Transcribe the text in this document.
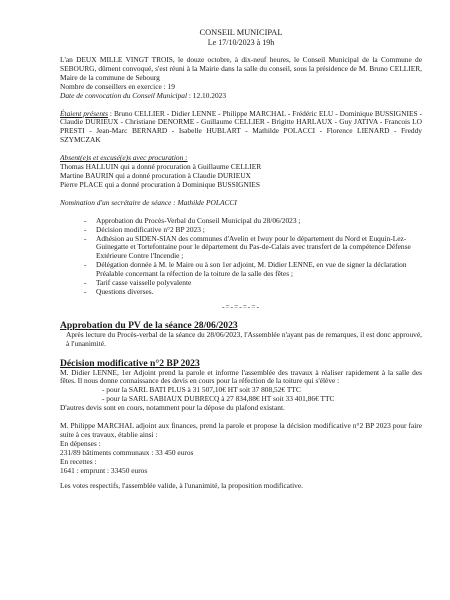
CONSEIL MUNICIPAL
Le 17/10/2023 à 19h

L'an DEUX MILLE VINGT TROIS, le douze octobre, à dix-neuf heures, le Conseil Municipal de la Commune de SEBOURG, dûment convoqué, s'est réuni à la Mairie dans la salle du conseil, sous la présidence de M. Bruno CELLIER, Maire de la commune de Sebourg

Nombre de conseillers en exercice : 19

Date de convocation du Conseil Municipal : 12.10.2023

Étaient présents : Bruno CELLIER - Didier LENNE - Philippe MARCHAL - Frédéric ELU - Dominique BUSSIGNIES - Claudie DURIEUX - Christiane DENORME - Guillaume CELLIER - Brigitte HARLAUX - Guy JATIVA - Francois LO PRESTI - Jean-Marc BERNARD - Isabelle HUBLART - Mathilde POLACCI - Florence LIENARD - Freddy SZYMCZAK

Absent(e)s et excusé(e)s avec procuration :

Thomas HALLUIN qui a donné procuration à Guillaume CELLIER

Martine BAURIN qui a donné procuration à Claudie DURIEUX

Pierre PLACE qui a donné procuration à Dominique BUSSIGNIES

Nomination d'un secrétaire de séance : Mathilde POLACCI

- Approbation du Procès-Verbal du Conseil Municipal du 28/06/2023 ;
- Décision modificative n°2 BP 2023 ;
- Adhésion au SIDEN-SIAN des communes d'Avelin et Iwuy pour le département du Nord et Euquin-Lez-Guinegatte et Tortefontaine pour le département du Pas-de-Calais avec transfert de la compétence Défense Extérieure Contre l'Incendie ;
- Délégation donnée à M. le Maire ou à son 1er adjoint, M. Didier LENNE, en vue de signer la déclaration Préalable concernant la réfection de la toiture de la salle des fêtes ;
- Tarif casse vaisselle polyvalente
- Questions diverses.
-=-=-=-=-
Approbation du PV de la séance 28/06/2023

Après lecture du Procès-verbal de la séance du 28/06/2023, l'Assemblée n'ayant pas de remarques, il est donc approuvé, à l'unanimité.

Décision modificative n°2 BP 2023

M. Didier LENNE, 1er Adjoint prend la parole et informe l'assemblée des travaux à réaliser rapidement à la salle des fêtes. Il nous donne connaissance des devis en cours pour la réfection de la toiture qui s'élève :

- pour la SARL BATI PLUS à 31 507,10€ HT soit 37 808,52€ TTC

- pour la SARL SABIAUX DUBRECQ à 27 834,88€ HT soit 33 401,86€ TTC

D'autres devis sont en cours, notamment pour la dépose du plafond existant.

M. Philippe MARCHAL adjoint aux finances, prend la parole et propose la décision modificative n°2 BP 2023 pour faire suite à ces travaux, établie ainsi :

En dépenses :

231/89 bâtiments communaux : 33 450 euros

En recettes :

1641 : emprunt : 33450 euros

Les votes respectifs, l'assemblée valide, à l'unanimité, la proposition modificative.
